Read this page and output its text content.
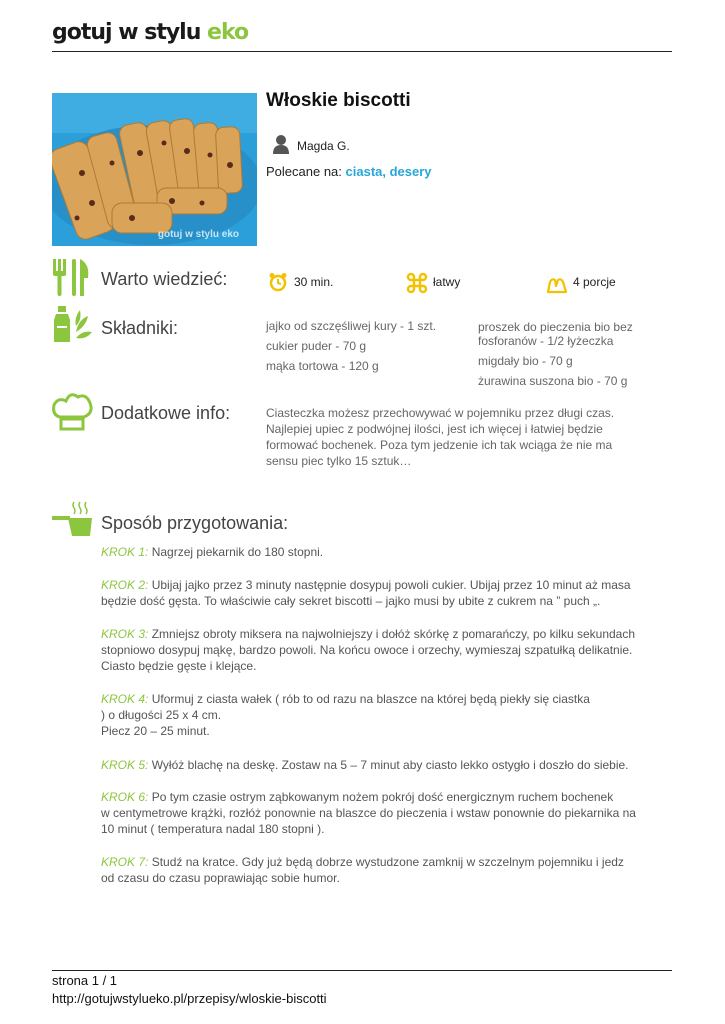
gotuj w stylu eko
gotuj w stylu eko
Włoskie biscotti
Magda G.
Polecane na: ciasta, desery
Warto wiedzieć:	30 min.	łatwy	4 porcje
Składniki:	jajko od szczęśliwej kury - 1 szt.
cukier puder - 70 g
mąka tortowa - 120 g
proszek do pieczenia bio bez
fosforanów - 1/2 łyżeczka
migdały bio - 70 g
żurawina suszona bio - 70 g
Dodatkowe info:	Ciasteczka możesz przechowywać w pojemniku przez długi czas.
Najlepiej upiec z podwójnej ilości, jest ich więcej i łatwiej będzie
formować bochenek. Poza tym jedzenie ich tak wciąga że nie ma
sensu piec tylko 15 sztuk…
Sposób przygotowania:
KROK 1: Nagrzej piekarnik do 180 stopni.
KROK 2: Ubijaj jajko przez 3 minuty następnie dosypuj powoli cukier. Ubijaj przez 10 minut aż masa
będzie dość gęsta. To właściwie cały sekret biscotti – jajko musi by ubite z cukrem na ” puch „.
KROK 3: Zmniejsz obroty miksera na najwolniejszy i dołóż skórkę z pomarańczy, po kilku sekundach
stopniowo dosypuj mąkę, bardzo powoli. Na końcu owoce i orzechy, wymieszaj szpatułką delikatnie.
Ciasto będzie gęste i klejące.
KROK 4: Uformuj z ciasta wałek ( rób to od razu na blaszce na której będą piekły się ciastka
) o długości 25 x 4 cm.
Piecz 20 – 25 minut.
KROK 5: Wyłóż blachę na deskę. Zostaw na 5 – 7 minut aby ciasto lekko ostygło i doszło do siebie.
KROK 6: Po tym czasie ostrym ząbkowanym nożem pokrój dość energicznym ruchem bochenek
w centymetrowe krążki, rozłóż ponownie na blaszce do pieczenia i wstaw ponownie do piekarnika na
10 minut ( temperatura nadal 180 stopni ).
KROK 7: Studź na kratce. Gdy już będą dobrze wystudzone zamknij w szczelnym pojemniku i jedz
od czasu do czasu poprawiając sobie humor.
strona 1 / 1
http://gotujwstylueko.pl/przepisy/wloskie-biscotti
